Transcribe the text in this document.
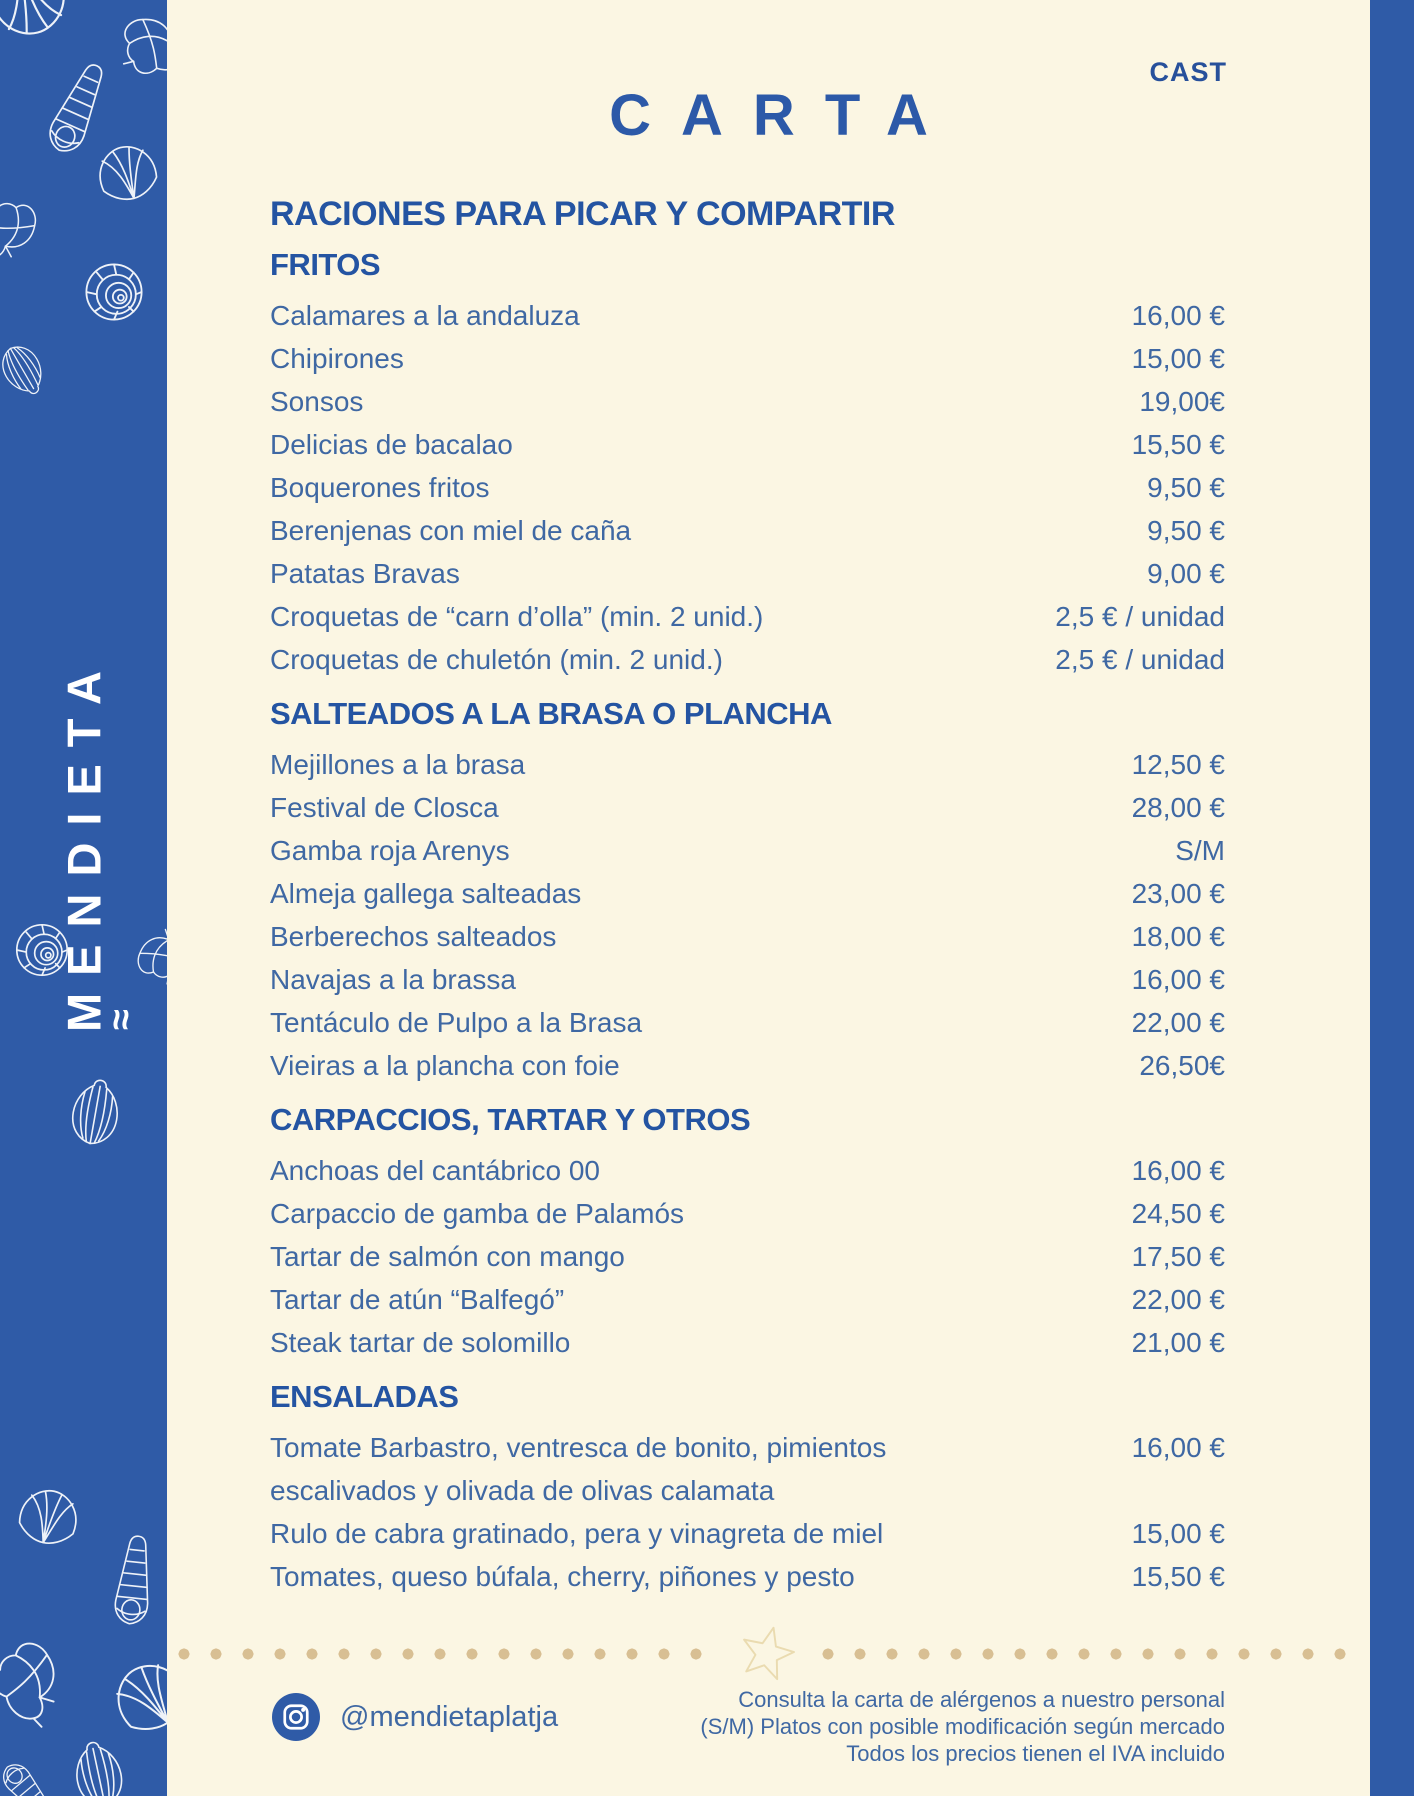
MENDIETA
≈
CAST
CARTA
RACIONES PARA PICAR Y COMPARTIR
FRITOS
Calamares a la andaluza	16,00 €
Chipirones	15,00 €
Sonsos	19,00€
Delicias de bacalao	15,50 €
Boquerones fritos	9,50 €
Berenjenas con miel de caña	9,50 €
Patatas Bravas	9,00 €
Croquetas de “carn d’olla” (min. 2 unid.)	2,5 € / unidad
Croquetas de chuletón (min. 2 unid.)	2,5 € / unidad
SALTEADOS A LA BRASA O PLANCHA
Mejillones a la brasa	12,50 €
Festival de Closca	28,00 €
Gamba roja Arenys	S/M
Almeja gallega salteadas	23,00 €
Berberechos salteados	18,00 €
Navajas a la brassa	16,00 €
Tentáculo de Pulpo a la Brasa	22,00 €
Vieiras a la plancha con foie	26,50€
CARPACCIOS, TARTAR Y OTROS
Anchoas del cantábrico 00	16,00 €
Carpaccio de gamba de Palamós	24,50 €
Tartar de salmón con mango	17,50 €
Tartar de atún “Balfegó”	22,00 €
Steak tartar de solomillo	21,00 €
ENSALADAS
Tomate Barbastro, ventresca de bonito, pimientos
escalivados y olivada de olivas calamata
16,00 €
Rulo de cabra gratinado, pera y vinagreta de miel	15,00 €
Tomates, queso búfala, cherry, piñones y pesto	15,50 €
@mendietaplatja
Consulta la carta de alérgenos a nuestro personal
(S/M) Platos con posible modificación según mercado
Todos los precios tienen el IVA incluido
